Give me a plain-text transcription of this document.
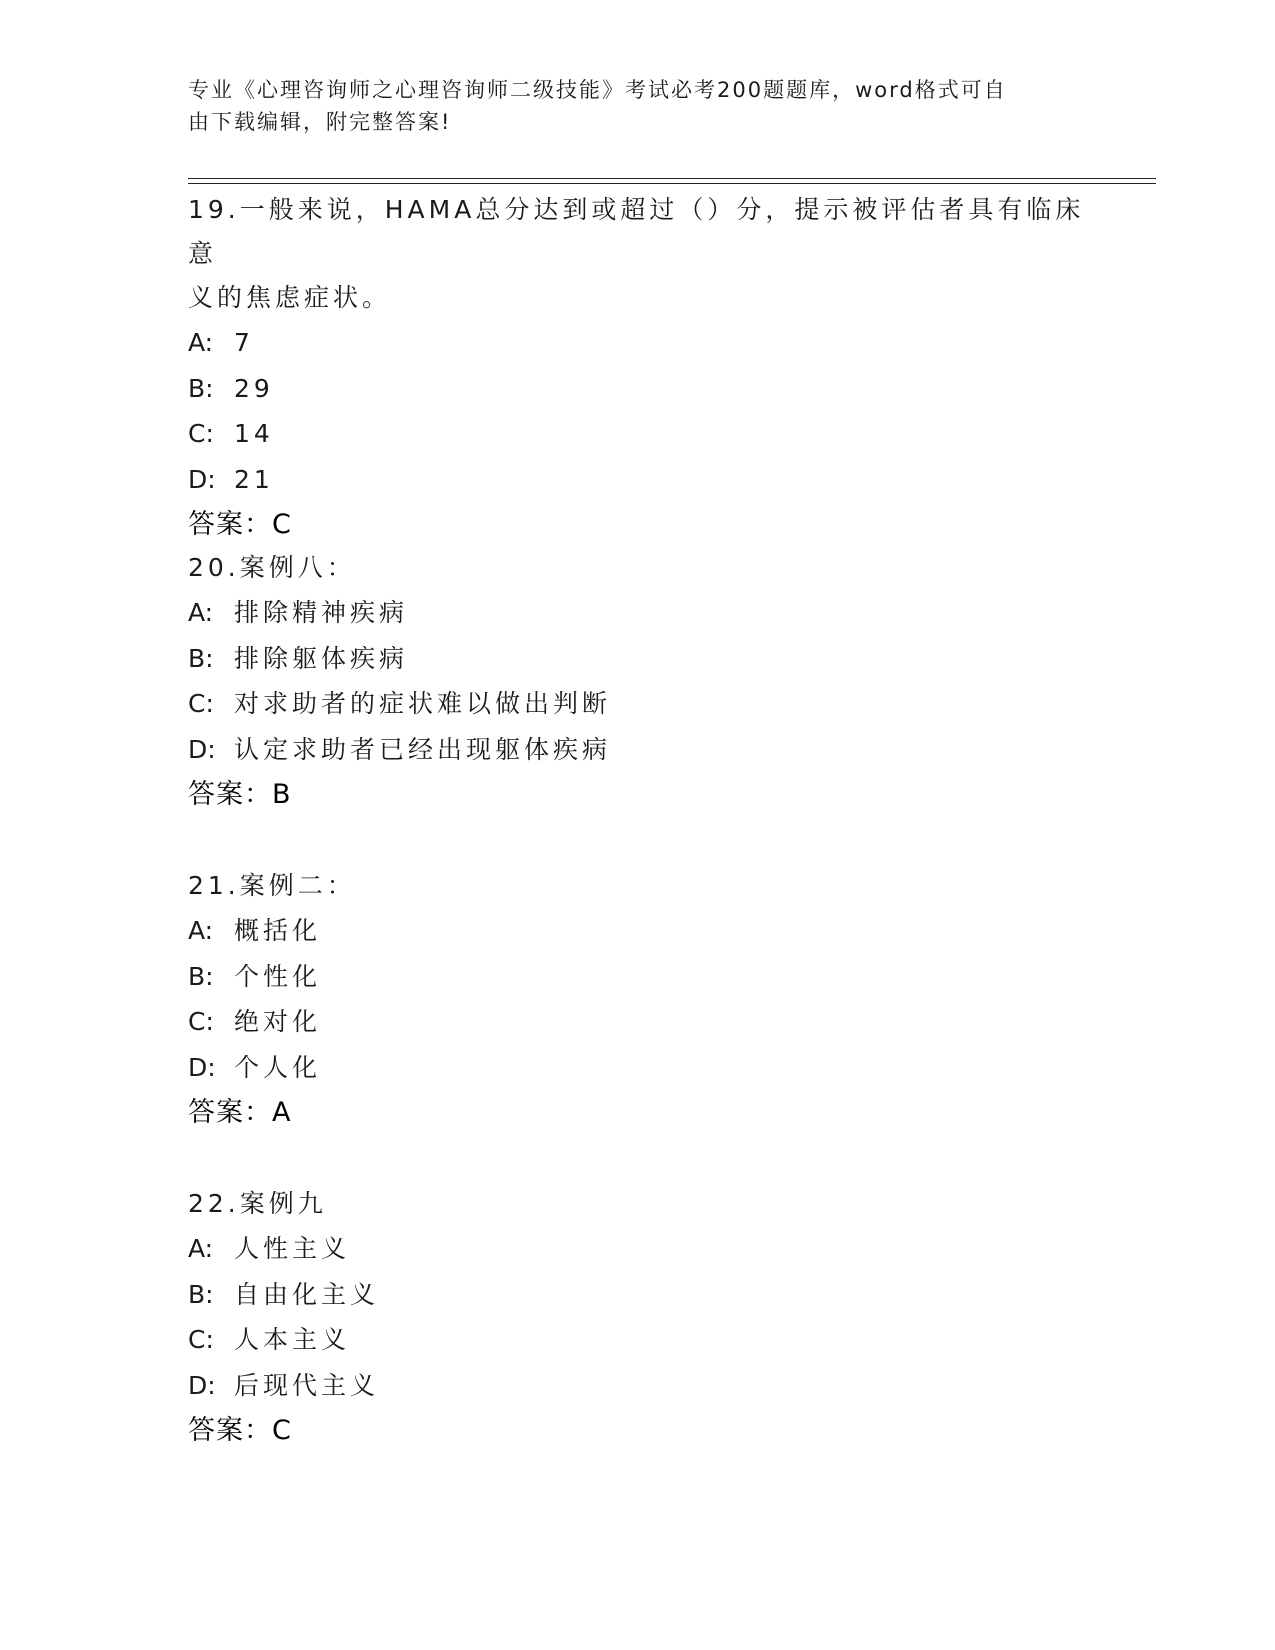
专业《心理咨询师之心理咨询师二级技能》考试必考200题题库，word格式可自
由下载编辑，附完整答案!
19.一般来说，HAMA总分达到或超过（）分，提示被评估者具有临床意
义的焦虑症状。
A: 7
B: 29
C: 14
D: 21
答案：C
20.案例八：
A: 排除精神疾病
B: 排除躯体疾病
C: 对求助者的症状难以做出判断
D: 认定求助者已经出现躯体疾病
答案：B
21.案例二：
A: 概括化
B: 个性化
C: 绝对化
D: 个人化
答案：A
22.案例九
A: 人性主义
B: 自由化主义
C: 人本主义
D: 后现代主义
答案：C
